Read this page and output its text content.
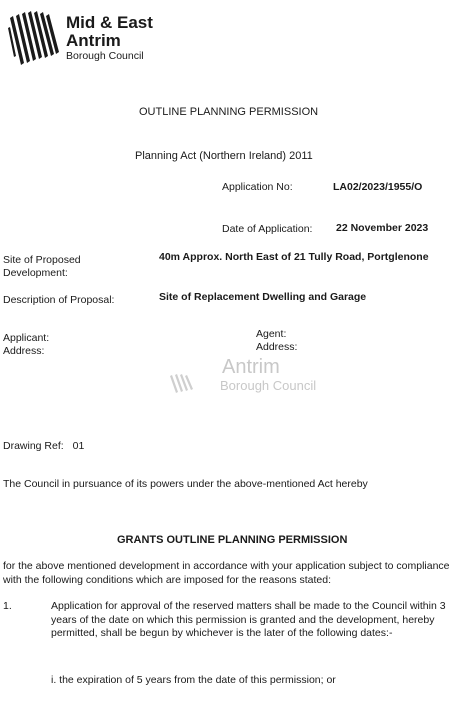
Mid & East
Antrim
Borough Council
OUTLINE PLANNING PERMISSION
Planning Act (Northern Ireland) 2011
Application No:	LA02/2023/1955/O
Date of Application: 22 November 2023
Site of Proposed
Development:
40m Approx. North East of 21 Tully Road, Portglenone
Description of Proposal:	Site of Replacement Dwelling and Garage
Applicant:
Address:
Agent:
Address:
Antrim
Borough Council
Drawing Ref: 01
The Council in pursuance of its powers under the above-mentioned Act hereby
GRANTS OUTLINE PLANNING PERMISSION
for the above mentioned development in accordance with your application subject to compliance with the following conditions which are imposed for the reasons stated:
1.	Application for approval of the reserved matters shall be made to the Council within 3 years of the date on which this permission is granted and the development, hereby permitted, shall be begun by whichever is the later of the following dates:-
i. the expiration of 5 years from the date of this permission; or
